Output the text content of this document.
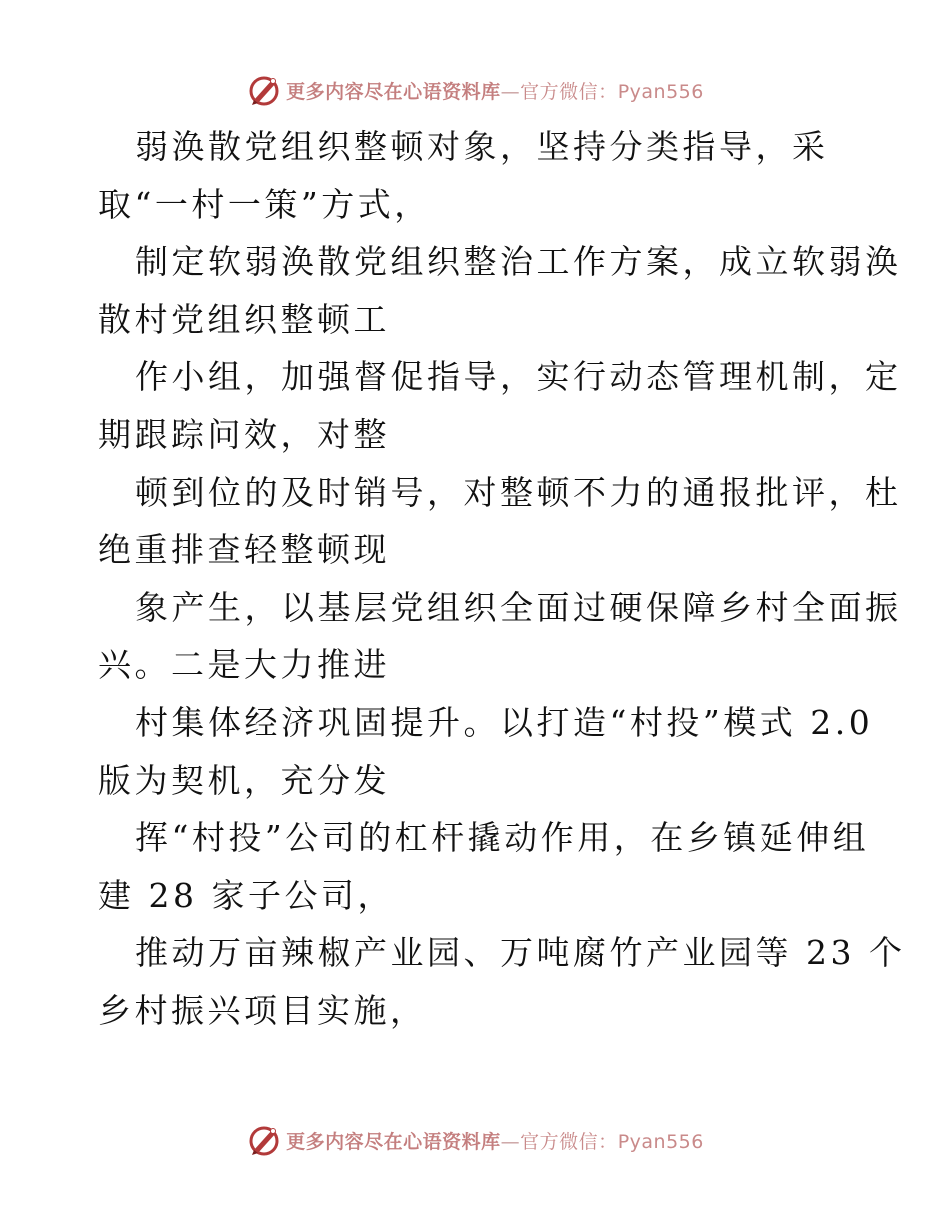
更多内容尽在心语资料库—官方微信：Pyan556
弱涣散党组织整顿对象，坚持分类指导，采
取“一村一策”方式，
制定软弱涣散党组织整治工作方案，成立软弱涣
散村党组织整顿工
作小组，加强督促指导，实行动态管理机制，定
期跟踪问效，对整
顿到位的及时销号，对整顿不力的通报批评，杜
绝重排查轻整顿现
象产生，以基层党组织全面过硬保障乡村全面振
兴。二是大力推进
村集体经济巩固提升。以打造“村投”模式 2.0
版为契机，充分发
挥“村投”公司的杠杆撬动作用，在乡镇延伸组
建 28 家子公司，
推动万亩辣椒产业园、万吨腐竹产业园等 23 个
乡村振兴项目实施，
更多内容尽在心语资料库—官方微信：Pyan556
